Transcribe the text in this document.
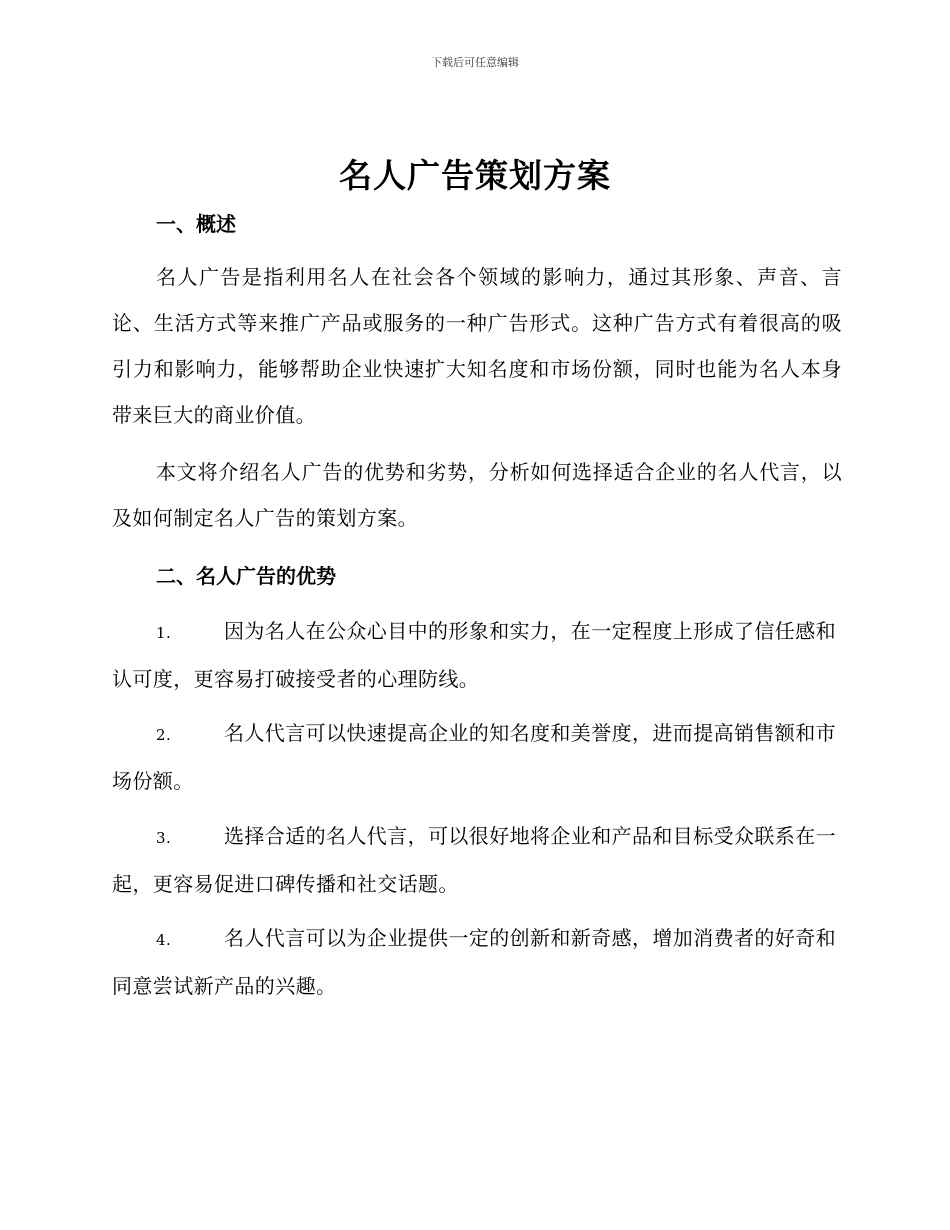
下载后可任意编辑
名人广告策划方案
一、概述
名人广告是指利用名人在社会各个领域的影响力，通过其形象、声音、言论、生活方式等来推广产品或服务的一种广告形式。这种广告方式有着很高的吸引力和影响力，能够帮助企业快速扩大知名度和市场份额，同时也能为名人本身带来巨大的商业价值。
本文将介绍名人广告的优势和劣势，分析如何选择适合企业的名人代言，以及如何制定名人广告的策划方案。
二、名人广告的优势
1.	因为名人在公众心目中的形象和实力，在一定程度上形成了信任感和认可度，更容易打破接受者的心理防线。
2.	名人代言可以快速提高企业的知名度和美誉度，进而提高销售额和市场份额。
3.	选择合适的名人代言，可以很好地将企业和产品和目标受众联系在一起，更容易促进口碑传播和社交话题。
4.	名人代言可以为企业提供一定的创新和新奇感，增加消费者的好奇和同意尝试新产品的兴趣。
